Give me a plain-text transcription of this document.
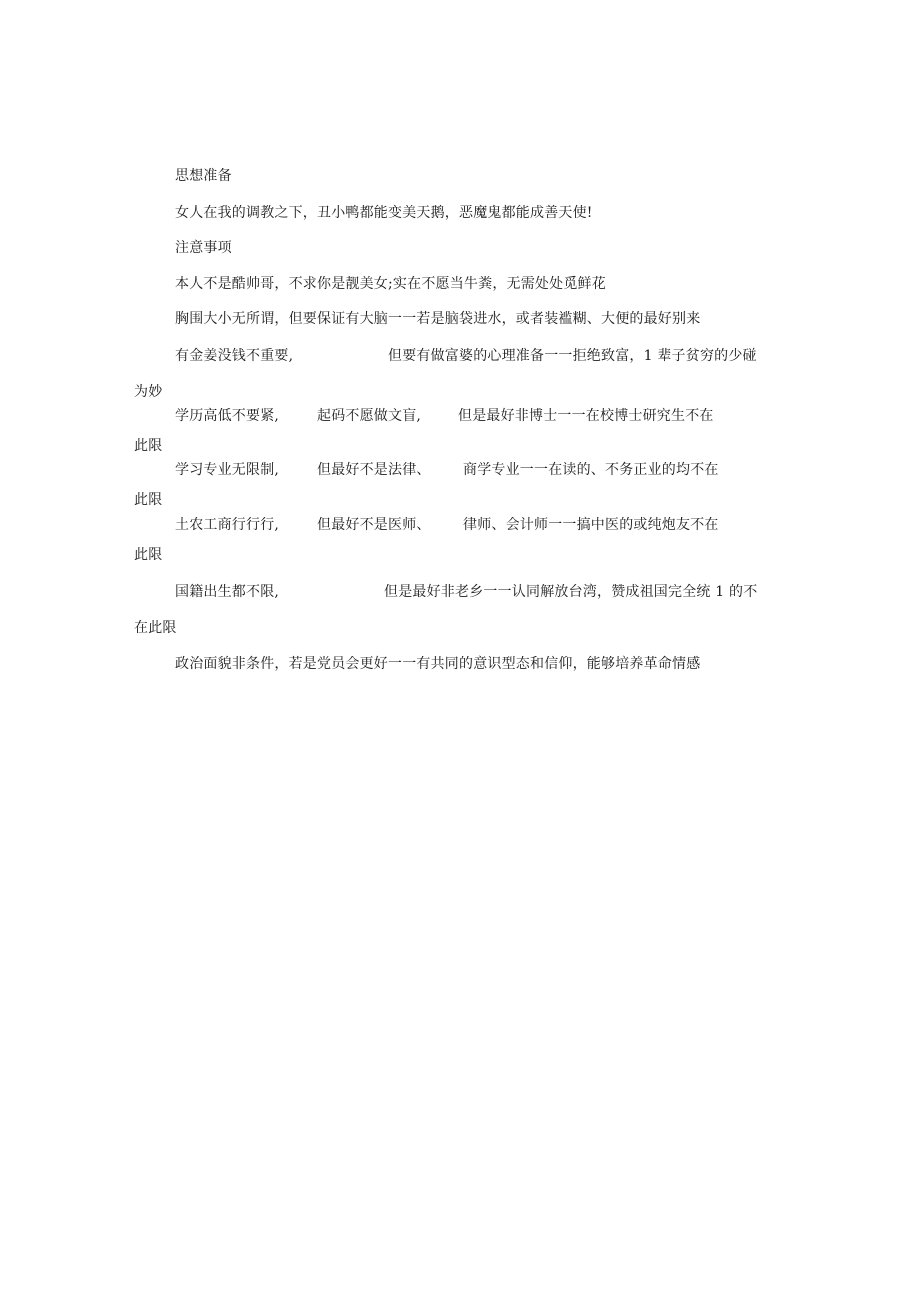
思想准备
女人在我的调教之下，丑小鸭都能变美天鹅，恶魔鬼都能成善天使!
注意事项
本人不是酷帅哥，不求你是靓美女;实在不愿当牛粪，无需处处觅鲜花
胸围大小无所谓，但要保证有大脑一一若是脑袋进水，或者装褴糊、大便的最好别来
有金姜没钱不重要,	但要有做富婆的心理准备一一拒绝致富，1 辈子贫穷的少碰
为妙
学历高低不要紧,	起码不愿做文盲,	但是最好非博士一一在校博士研究生不在
此限
学习专业无限制,	但最好不是法律、 商学专业一一在读的、不务正业的均不在
此限
土农工商行行行,	但最好不是医师、 律师、会计师一一搞中医的或纯炮友不在
此限
国籍出生都不限,	但是最好非老乡一一认同解放台湾，赞成祖国完全统 1 的不
在此限
政治面貌非条件，若是党员会更好一一有共同的意识型态和信仰，能够培养革命情感
